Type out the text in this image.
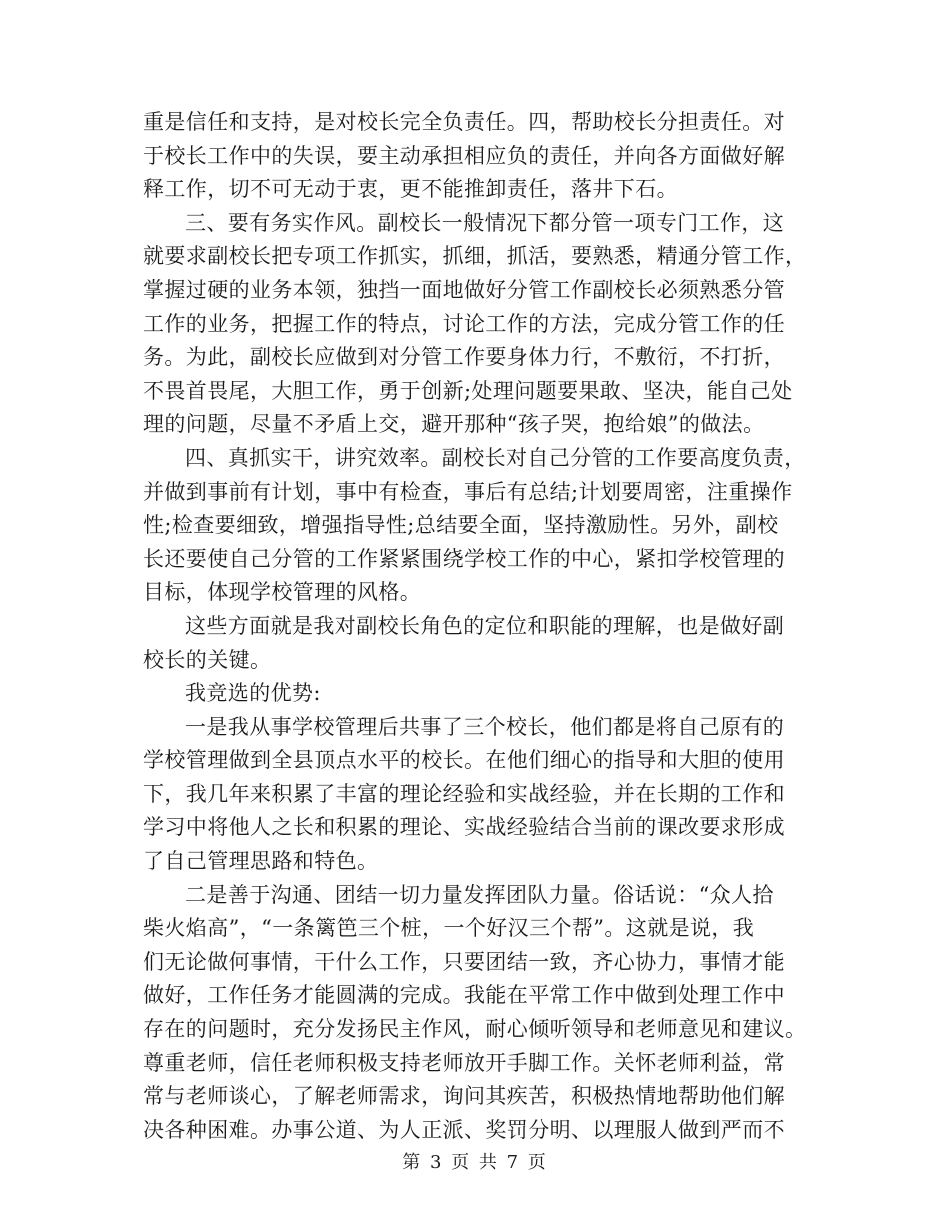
重是信任和支持，是对校长完全负责任。四，帮助校长分担责任。对
于校长工作中的失误，要主动承担相应负的责任，并向各方面做好解
释工作，切不可无动于衷，更不能推卸责任，落井下石。

三、要有务实作风。副校长一般情况下都分管一项专门工作，这
就要求副校长把专项工作抓实，抓细，抓活，要熟悉，精通分管工作，
掌握过硬的业务本领，独挡一面地做好分管工作副校长必须熟悉分管
工作的业务，把握工作的特点，讨论工作的方法，完成分管工作的任
务。为此，副校长应做到对分管工作要身体力行，不敷衍，不打折，
不畏首畏尾，大胆工作，勇于创新;处理问题要果敢、坚决，能自己处
理的问题，尽量不矛盾上交，避开那种“孩子哭，抱给娘”的做法。

四、真抓实干，讲究效率。副校长对自己分管的工作要高度负责，
并做到事前有计划，事中有检查，事后有总结;计划要周密，注重操作
性;检查要细致，增强指导性;总结要全面，坚持激励性。另外，副校
长还要使自己分管的工作紧紧围绕学校工作的中心，紧扣学校管理的
目标，体现学校管理的风格。

这些方面就是我对副校长角色的定位和职能的理解，也是做好副
校长的关键。

我竞选的优势:

一是我从事学校管理后共事了三个校长，他们都是将自己原有的
学校管理做到全县顶点水平的校长。在他们细心的指导和大胆的使用
下，我几年来积累了丰富的理论经验和实战经验，并在长期的工作和
学习中将他人之长和积累的理论、实战经验结合当前的课改要求形成
了自己管理思路和特色。

二是善于沟通、团结一切力量发挥团队力量。俗话说：“众人拾
柴火焰高”，“一条篱笆三个桩，一个好汉三个帮”。这就是说，我
们无论做何事情，干什么工作，只要团结一致，齐心协力，事情才能
做好，工作任务才能圆满的完成。我能在平常工作中做到处理工作中
存在的问题时，充分发扬民主作风，耐心倾听领导和老师意见和建议。
尊重老师，信任老师积极支持老师放开手脚工作。关怀老师利益，常
常与老师谈心，了解老师需求，询问其疾苦，积极热情地帮助他们解
决各种困难。办事公道、为人正派、奖罚分明、以理服人做到严而不

第 3 页 共 7 页
